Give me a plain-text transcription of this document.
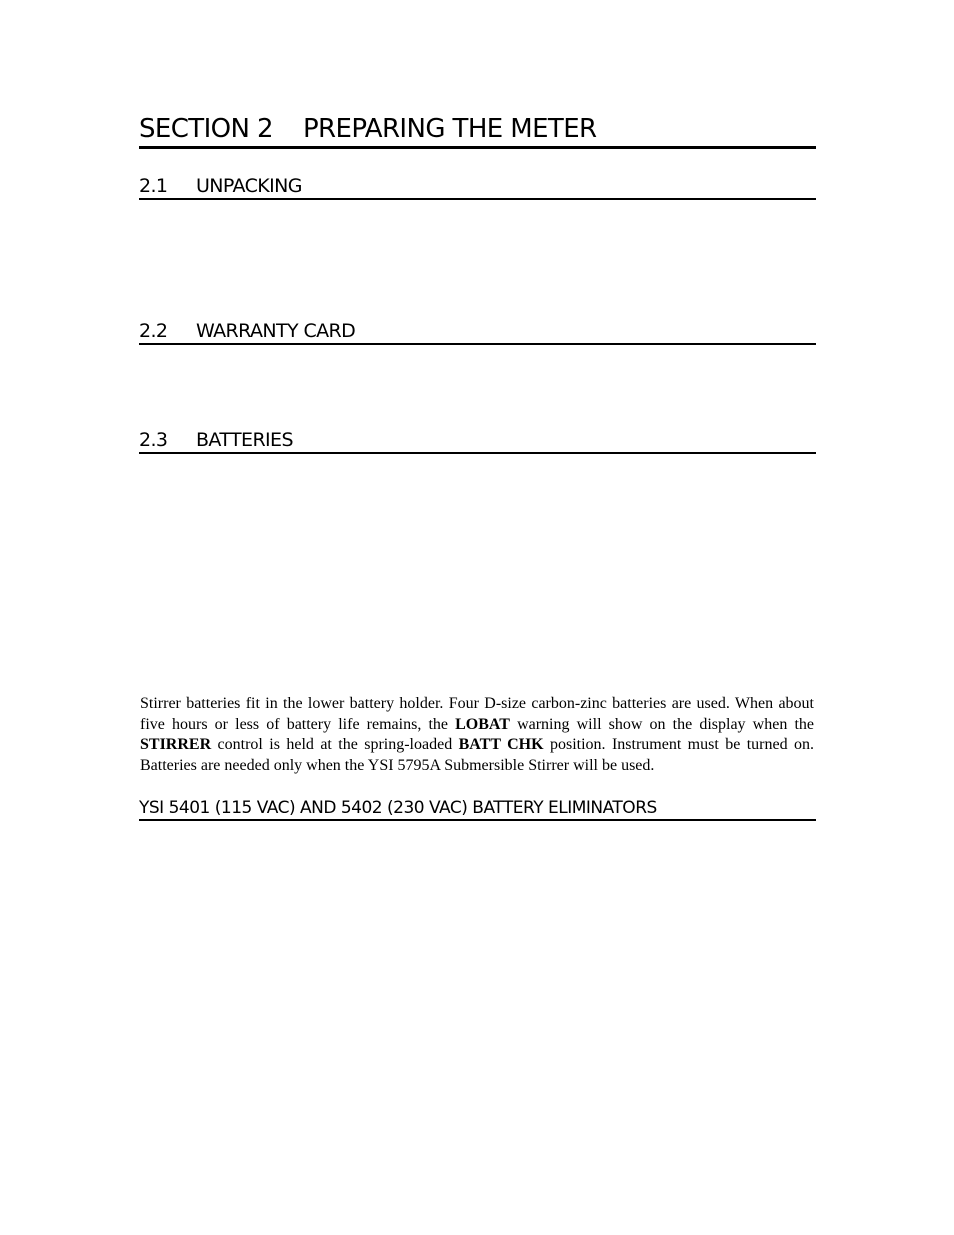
SECTION 2 PREPARING THE METER
2.1 UNPACKING
2.2 WARRANTY CARD
2.3 BATTERIES

Stirrer batteries fit in the lower battery holder. Four D-size carbon-zinc batteries are used. When about five hours or less of battery life remains, the LOBAT warning will show on the display when the STIRRER control is held at the spring-loaded BATT CHK position. Instrument must be turned on. Batteries are needed only when the YSI 5795A Submersible Stirrer will be used.

YSI 5401 (115 VAC) AND 5402 (230 VAC) BATTERY ELIMINATORS
